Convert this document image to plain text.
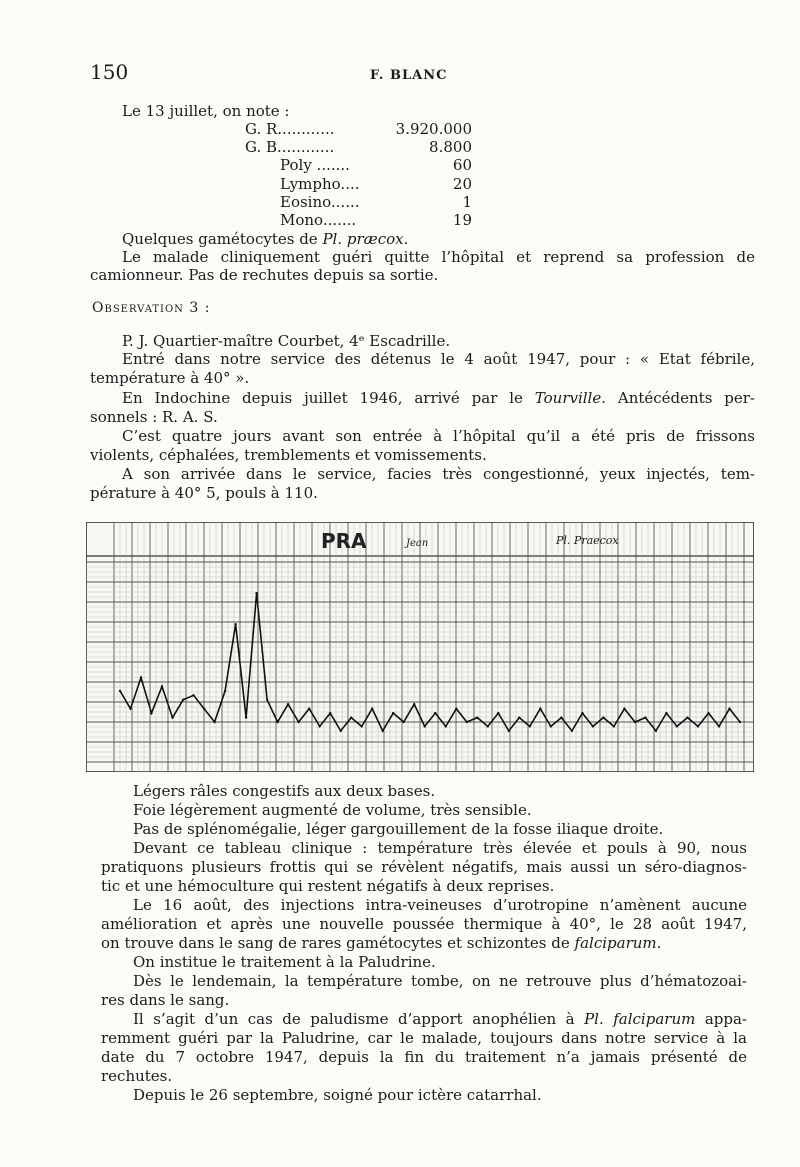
150	F. BLANC
Le 13 juillet, on note :
G. R............	3.920.000
G. B............	8.800
Poly .......	60
Lympho....	20
Eosino......	1
Mono.......	19
Quelques gamétocytes de Pl. præcox.
Le malade cliniquement guéri quitte l’hôpital et reprend sa profession de
camionneur. Pas de rechutes depuis sa sortie.
Observation 3 :
P. J. Quartier-maître Courbet, 4ᵉ Escadrille.
Entré dans notre service des détenus le 4 août 1947, pour : « Etat fébrile,
température à 40° ».
En Indochine depuis juillet 1946, arrivé par le Tourville. Antécédents per-
sonnels : R. A. S.
C’est quatre jours avant son entrée à l’hôpital qu’il a été pris de frissons
violents, céphalées, tremblements et vomissements.
A son arrivée dans le service, facies très congestionné, yeux injectés, tem-
pérature à 40° 5, pouls à 110.
PRA	Jean	Pl. Praecox
Légers râles congestifs aux deux bases.
Foie légèrement augmenté de volume, très sensible.
Pas de splénomégalie, léger gargouillement de la fosse iliaque droite.
Devant ce tableau clinique : température très élevée et pouls à 90, nous
pratiquons plusieurs frottis qui se révèlent négatifs, mais aussi un séro-diagnos-
tic et une hémoculture qui restent négatifs à deux reprises.
Le 16 août, des injections intra-veineuses d’urotropine n’amènent aucune
amélioration et après une nouvelle poussée thermique à 40°, le 28 août 1947,
on trouve dans le sang de rares gamétocytes et schizontes de falciparum.
On institue le traitement à la Paludrine.
Dès le lendemain, la température tombe, on ne retrouve plus d’hématozoai-
res dans le sang.
Il s’agit d’un cas de paludisme d’apport anophélien à Pl. falciparum appa-
remment guéri par la Paludrine, car le malade, toujours dans notre service à la
date du 7 octobre 1947, depuis la fin du traitement n’a jamais présenté de
rechutes.
Depuis le 26 septembre, soigné pour ictère catarrhal.
